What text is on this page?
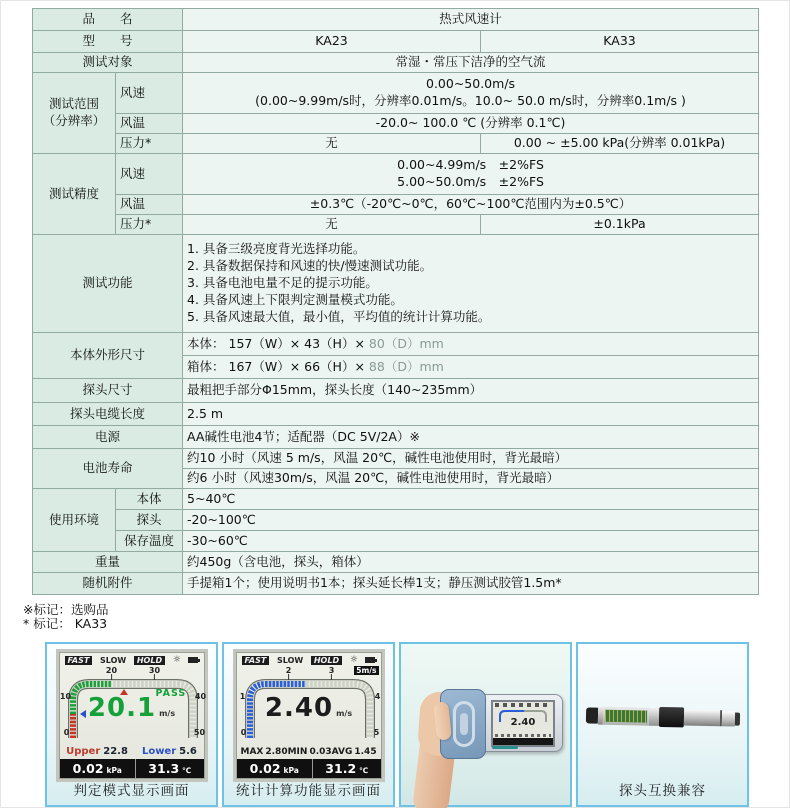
品　　名		热式风速计	
型　　号		KA23	KA33
测试对象		常湿・常压下洁净的空气流	

测试范围
（分辨率）	风速	0.00~50.0m/s
(0.00~9.99m/s时，分辨率0.01m/s。10.0~ 50.0 m/s时，分辨率0.1m/s )	

	风温	-20.0~ 100.0 ℃ (分辨率 0.1℃)	
	压力*	无	0.00 ~ ±5.00 kPa(分辨率 0.01kPa)
测试精度	风速	0.00~4.99m/s　±2%FS
5.00~50.0m/s　±2%FS	

	风温	±0.3℃（-20℃~0℃，60℃~100℃范围内为±0.5℃）	
	压力*	无	±0.1kPa
测试功能		1. 具备三级亮度背光选择功能。
2. 具备数据保持和风速的快/慢速测试功能。
3. 具备电池电量不足的提示功能。
4. 具备风速上下限判定测量模式功能。
5. 具备风速最大值，最小值，平均值的统计计算功能。	

本体外形尺寸		本体： 157（W）× 43（H）× 80（D）mm	
		箱体： 167（W）× 66（H）× 88（D）mm	
探头尺寸		最粗把手部分Φ15mm，探头长度（140~235mm）	
探头电缆长度		2.5 m	
电源		AA碱性电池4节；适配器（DC 5V/2A）※	
电池寿命		约10 小时（风速 5 m/s，风温 20℃，碱性电池使用时，背光最暗）	
		约6 小时（风速30m/s，风温 20℃，碱性电池使用时，背光最暗）	
使用环境	本体	5~40℃	
	探头	-20~100℃	
	保存温度	-30~60℃	
重量		约450g（含电池，探头，箱体）	
随机附件		手提箱1个；使用说明书1本；探头延长棒1支；静压测试胶管1.5m*	
※标记：选购品
* 标记： KA33
FAST	SLOW	HOLD	☼
20	30
10	40
0	50
PASS
20.1 m/s
Upper 22.8 Lower 5.6
0.02 kPa 31.3 ℃
判定模式显示画面
FAST	SLOW	HOLD	☼
2	3
1	4
0	5
5m/s
2.40 m/s
MAX 2.80 MIN 0.03 AVG 1.45
0.02 kPa 31.2 ℃
统计计算功能显示画面
2.40
探头互换兼容
